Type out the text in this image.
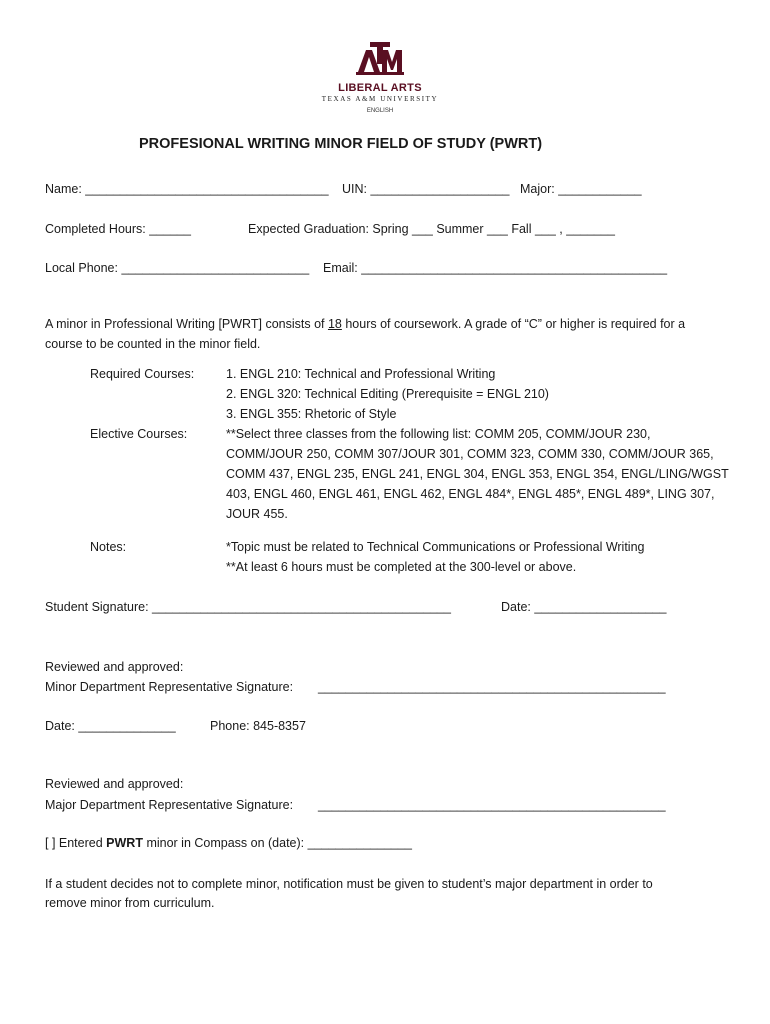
LIBERAL ARTS
TEXAS A&M UNIVERSITY
ENGLISH
PROFESIONAL WRITING MINOR FIELD OF STUDY (PWRT)
Name: ___________________________________ UIN: ____________________ Major: ____________
Completed Hours: ______	Expected Graduation: Spring ___ Summer ___ Fall ___ , _______
Local Phone: ___________________________ Email: ____________________________________________
A minor in Professional Writing [PWRT] consists of 18 hours of coursework. A grade of “C” or higher is required for a course to be counted in the minor field.
Required Courses:	1. ENGL 210: Technical and Professional Writing
2. ENGL 320: Technical Editing (Prerequisite = ENGL 210)
3. ENGL 355: Rhetoric of Style
Elective Courses:	**Select three classes from the following list: COMM 205, COMM/JOUR 230,
COMM/JOUR 250, COMM 307/JOUR 301, COMM 323, COMM 330, COMM/JOUR 365,
COMM 437, ENGL 235, ENGL 241, ENGL 304, ENGL 353, ENGL 354, ENGL/LING/WGST
403, ENGL 460, ENGL 461, ENGL 462, ENGL 484*, ENGL 485*, ENGL 489*, LING 307,
JOUR 455.
Notes:	*Topic must be related to Technical Communications or Professional Writing
**At least 6 hours must be completed at the 300-level or above.
Student Signature: ___________________________________________	Date: ___________________
Reviewed and approved:
Minor Department Representative Signature: __________________________________________________
Date: ______________	Phone: 845-8357
Reviewed and approved:
Major Department Representative Signature: __________________________________________________
[ ] Entered PWRT minor in Compass on (date): _______________
If a student decides not to complete minor, notification must be given to student’s major department in order to
remove minor from curriculum.
